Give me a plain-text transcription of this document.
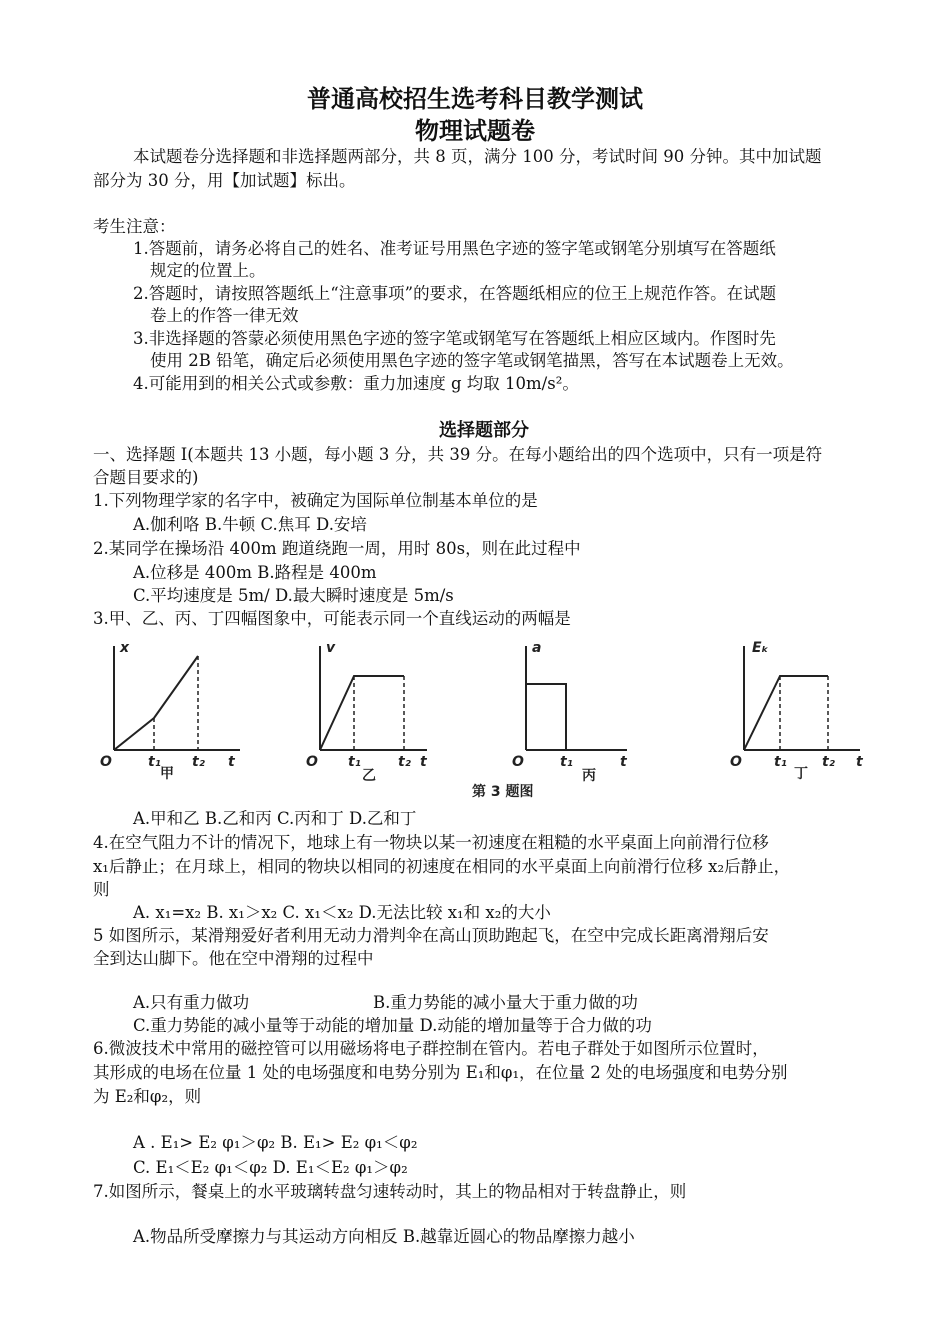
普通高校招生选考科目教学测试
物理试题卷
本试题卷分选择题和非选择题两部分，共 8 页，满分 100 分，考试时间 90 分钟。其中加试题
部分为 30 分，用【加试题】标出。
考生注意：
1.答题前，请务必将自己的姓名、准考证号用黑色字迹的签字笔或钢笔分别填写在答题纸
规定的位置上。
2.答题时，请按照答题纸上“注意事项”的要求，在答题纸相应的位王上规范作答。在试题
卷上的作答一律无效
3.非选择题的答蒙必须使用黑色字迹的签字笔或钢笔写在答题纸上相应区域内。作图时先
使用 2B 铅笔，确定后必须使用黑色字迹的签字笔或钢笔描黑，答写在本试题卷上无效。
4.可能用到的相关公式或参敷：重力加速度 g 均取 10m/s²。
选择题部分
一、选择题 I(本题共 13 小题，每小题 3 分，共 39 分。在每小题给出的四个选项中，只有一项是符
合题目要求的)
1.下列物理学家的名字中，被确定为国际单位制基本单位的是
A.伽利咯 B.牛顿 C.焦耳 D.安培
2.某同学在操场沿 400m 跑道绕跑一周，用时 80s，则在此过程中
A.位移是 400m B.路程是 400m
C.平均速度是 5m/ D.最大瞬时速度是 5m/s
3.甲、乙、丙、丁四幅图象中，可能表示同一个直线运动的两幅是
x
O	t₁ t₂ t
v
O t₁	t₂ t
a
O	t₁	t
Eₖ
O t₁	t₂ t
甲	乙	丙	丁
第 3 题图
A.甲和乙 B.乙和丙 C.丙和丁 D.乙和丁
4.在空气阻力不计的情况下，地球上有一物块以某一初速度在粗糙的水平桌面上向前滑行位移
x₁后静止；在月球上，相同的物块以相同的初速度在相同的水平桌面上向前滑行位移 x₂后静止，
则
A. x₁=x₂ B. x₁＞x₂ C. x₁＜x₂ D.无法比较 x₁和 x₂的大小
5 如图所示，某滑翔爱好者利用无动力滑判伞在高山顶助跑起飞，在空中完成长距离滑翔后安
全到达山脚下。他在空中滑翔的过程中
A.只有重力做功	B.重力势能的减小量大于重力做的功
C.重力势能的减小量等于动能的增加量 D.动能的增加量等于合力做的功
6.微波技术中常用的磁控管可以用磁场将电子群控制在管内。若电子群处于如图所示位置时，
其形成的电场在位量 1 处的电场强度和电势分别为 E₁和φ₁，在位量 2 处的电场强度和电势分别
为 E₂和φ₂，则
A . E₁> E₂ φ₁＞φ₂ B. E₁> E₂ φ₁＜φ₂
C. E₁＜E₂ φ₁＜φ₂ D. E₁＜E₂ φ₁＞φ₂
7.如图所示，餐桌上的水平玻璃转盘匀速转动时，其上的物品相对于转盘静止，则
A.物品所受摩擦力与其运动方向相反 B.越靠近圆心的物品摩擦力越小
